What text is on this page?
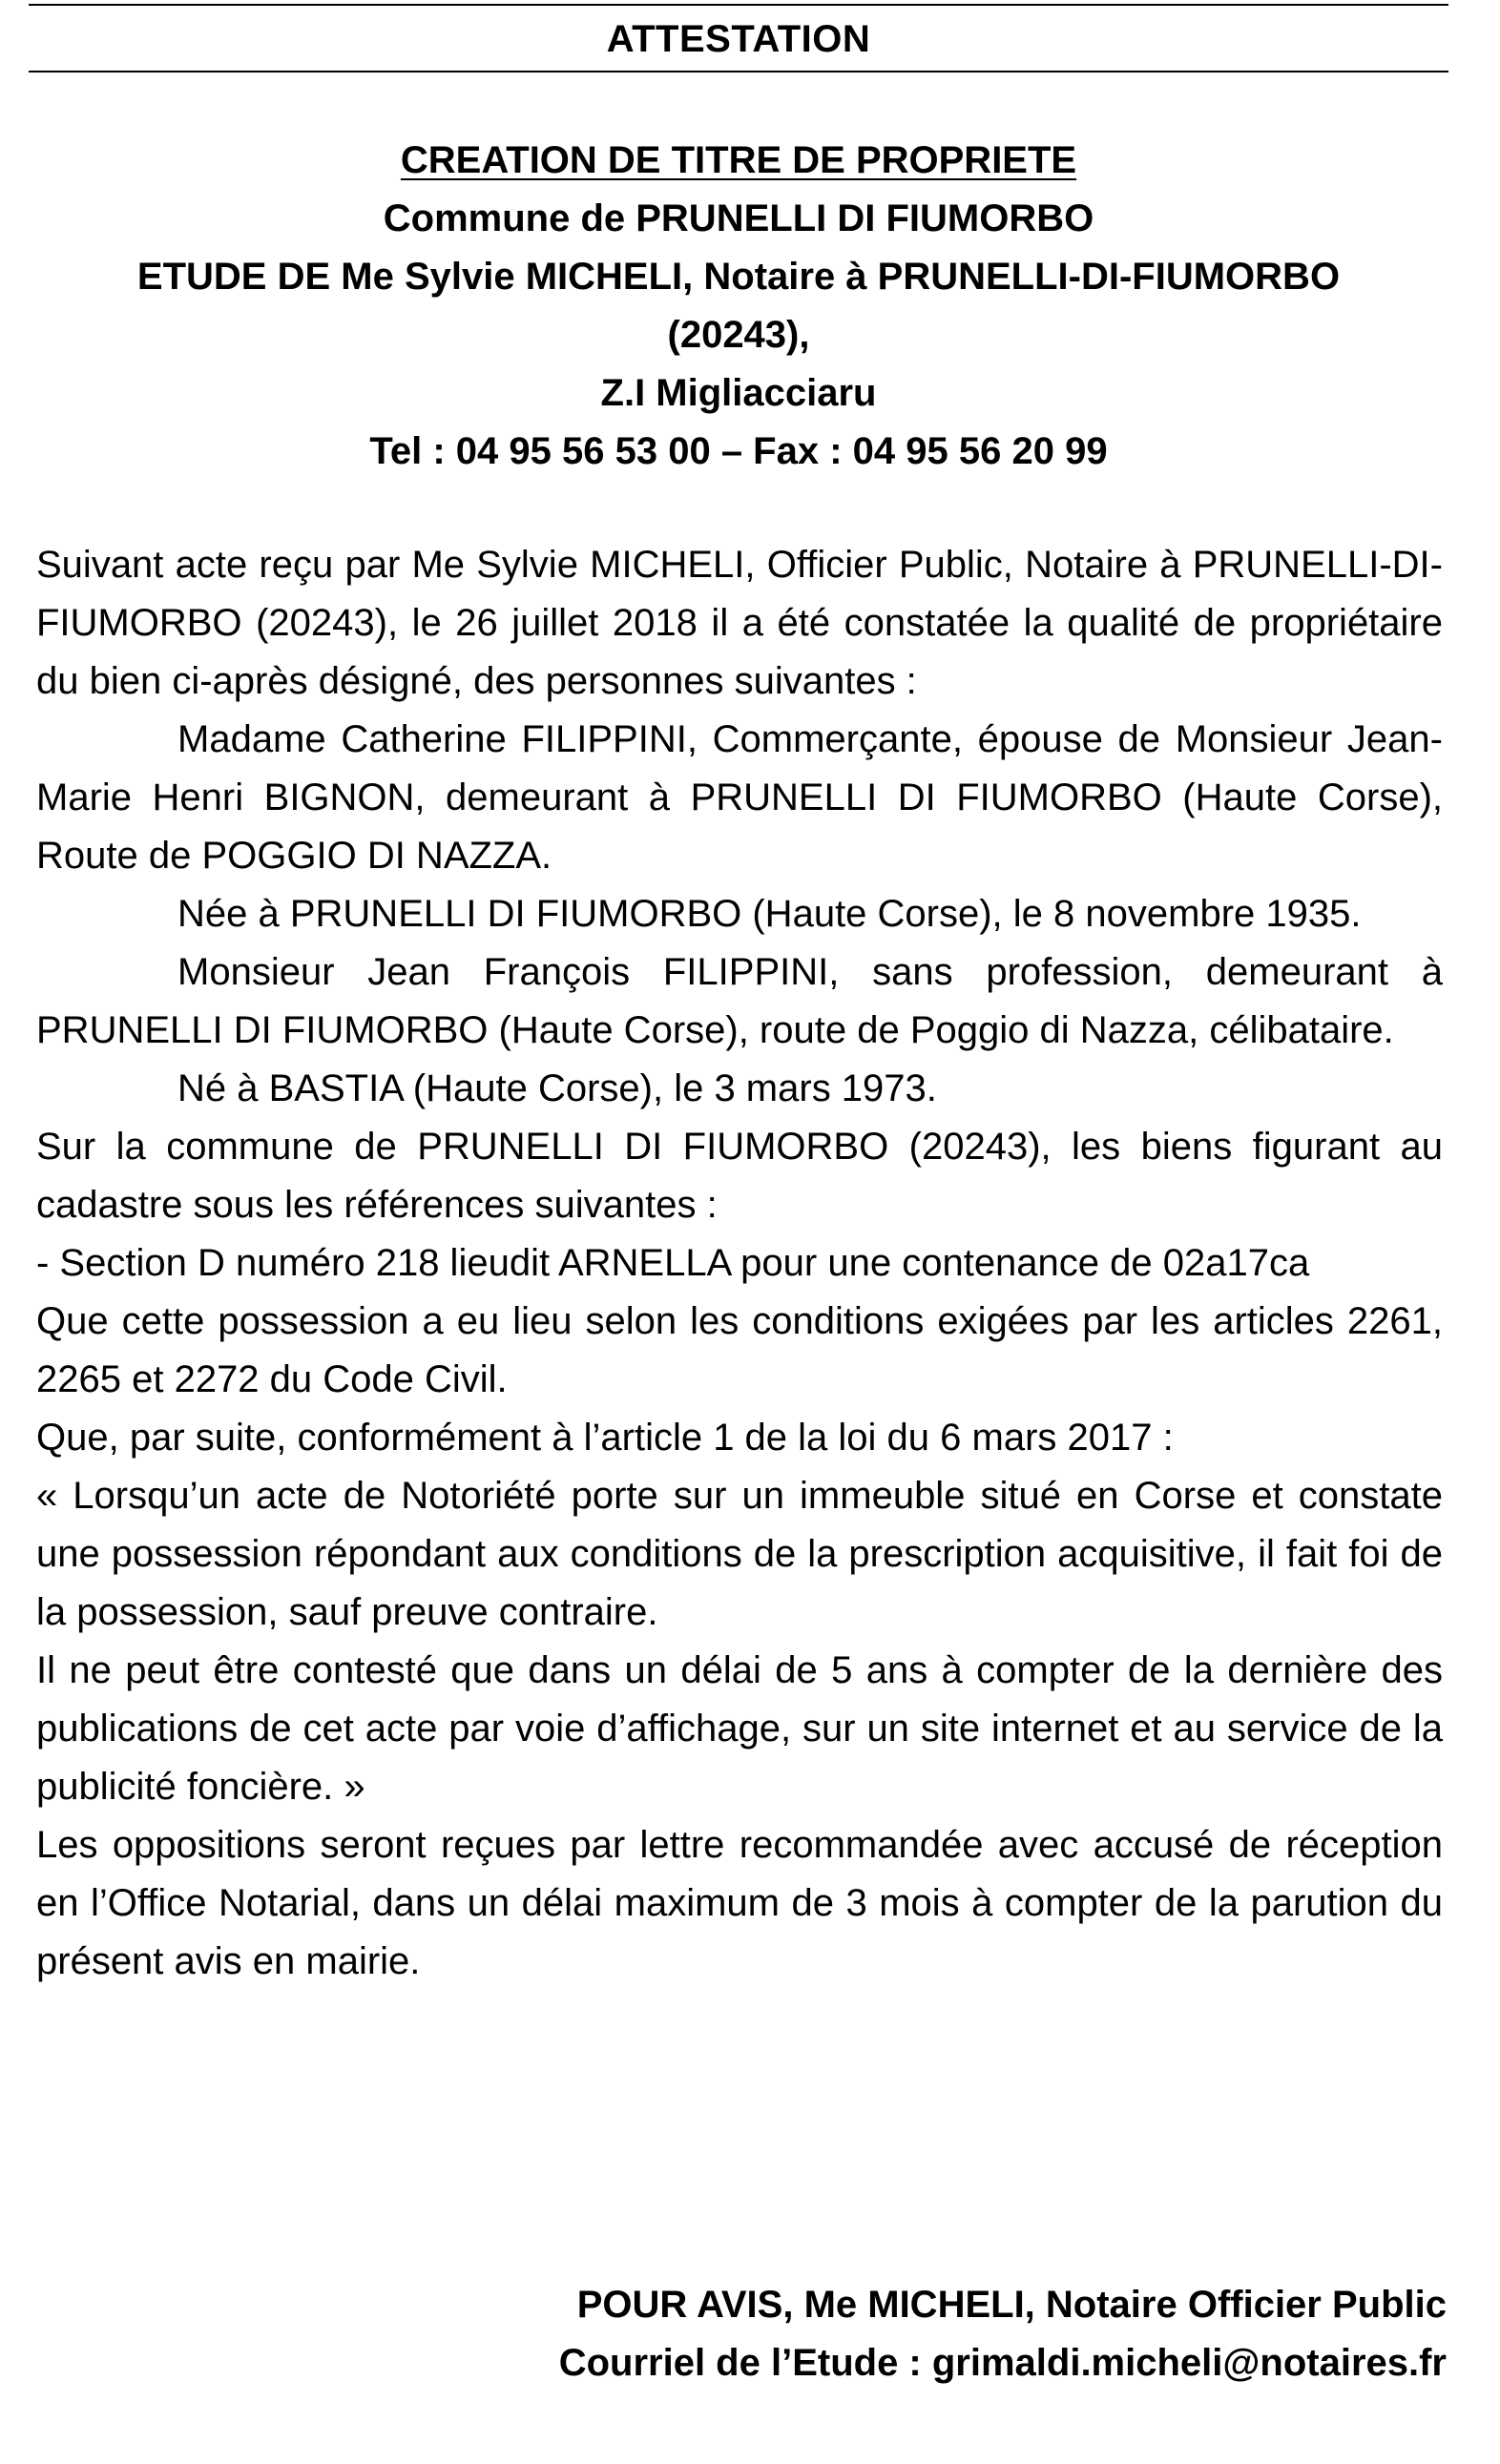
ATTESTATION
CREATION DE TITRE DE PROPRIETE
Commune de PRUNELLI DI FIUMORBO
ETUDE DE Me Sylvie MICHELI, Notaire à PRUNELLI-DI-FIUMORBO
(20243),
Z.I Migliacciaru
Tel : 04 95 56 53 00 – Fax : 04 95 56 20 99

Suivant acte reçu par Me Sylvie MICHELI, Officier Public, Notaire à PRUNELLI-DI-FIUMORBO (20243), le 26 juillet 2018 il a été constatée la qualité de propriétaire du bien ci-après désigné, des personnes suivantes :

Madame Catherine FILIPPINI, Commerçante, épouse de Monsieur Jean-Marie Henri BIGNON, demeurant à PRUNELLI DI FIUMORBO (Haute Corse), Route de POGGIO DI NAZZA.

Née à PRUNELLI DI FIUMORBO (Haute Corse), le 8 novembre 1935.

Monsieur Jean François FILIPPINI, sans profession, demeurant à PRUNELLI DI FIUMORBO (Haute Corse), route de Poggio di Nazza, célibataire.

Né à BASTIA (Haute Corse), le 3 mars 1973.

Sur la commune de PRUNELLI DI FIUMORBO (20243), les biens figurant au cadastre sous les références suivantes :

- Section D numéro 218 lieudit ARNELLA pour une contenance de 02a17ca

Que cette possession a eu lieu selon les conditions exigées par les articles 2261, 2265 et 2272 du Code Civil.

Que, par suite, conformément à l’article 1 de la loi du 6 mars 2017 :

« Lorsqu’un acte de Notoriété porte sur un immeuble situé en Corse et constate une possession répondant aux conditions de la prescription acquisitive, il fait foi de la possession, sauf preuve contraire.

Il ne peut être contesté que dans un délai de 5 ans à compter de la dernière des publications de cet acte par voie d’affichage, sur un site internet et au service de la publicité foncière. »

Les oppositions seront reçues par lettre recommandée avec accusé de réception en l’Office Notarial, dans un délai maximum de 3 mois à compter de la parution du présent avis en mairie.

POUR AVIS, Me MICHELI, Notaire Officier Public
Courriel de l’Etude : grimaldi.micheli@notaires.fr
